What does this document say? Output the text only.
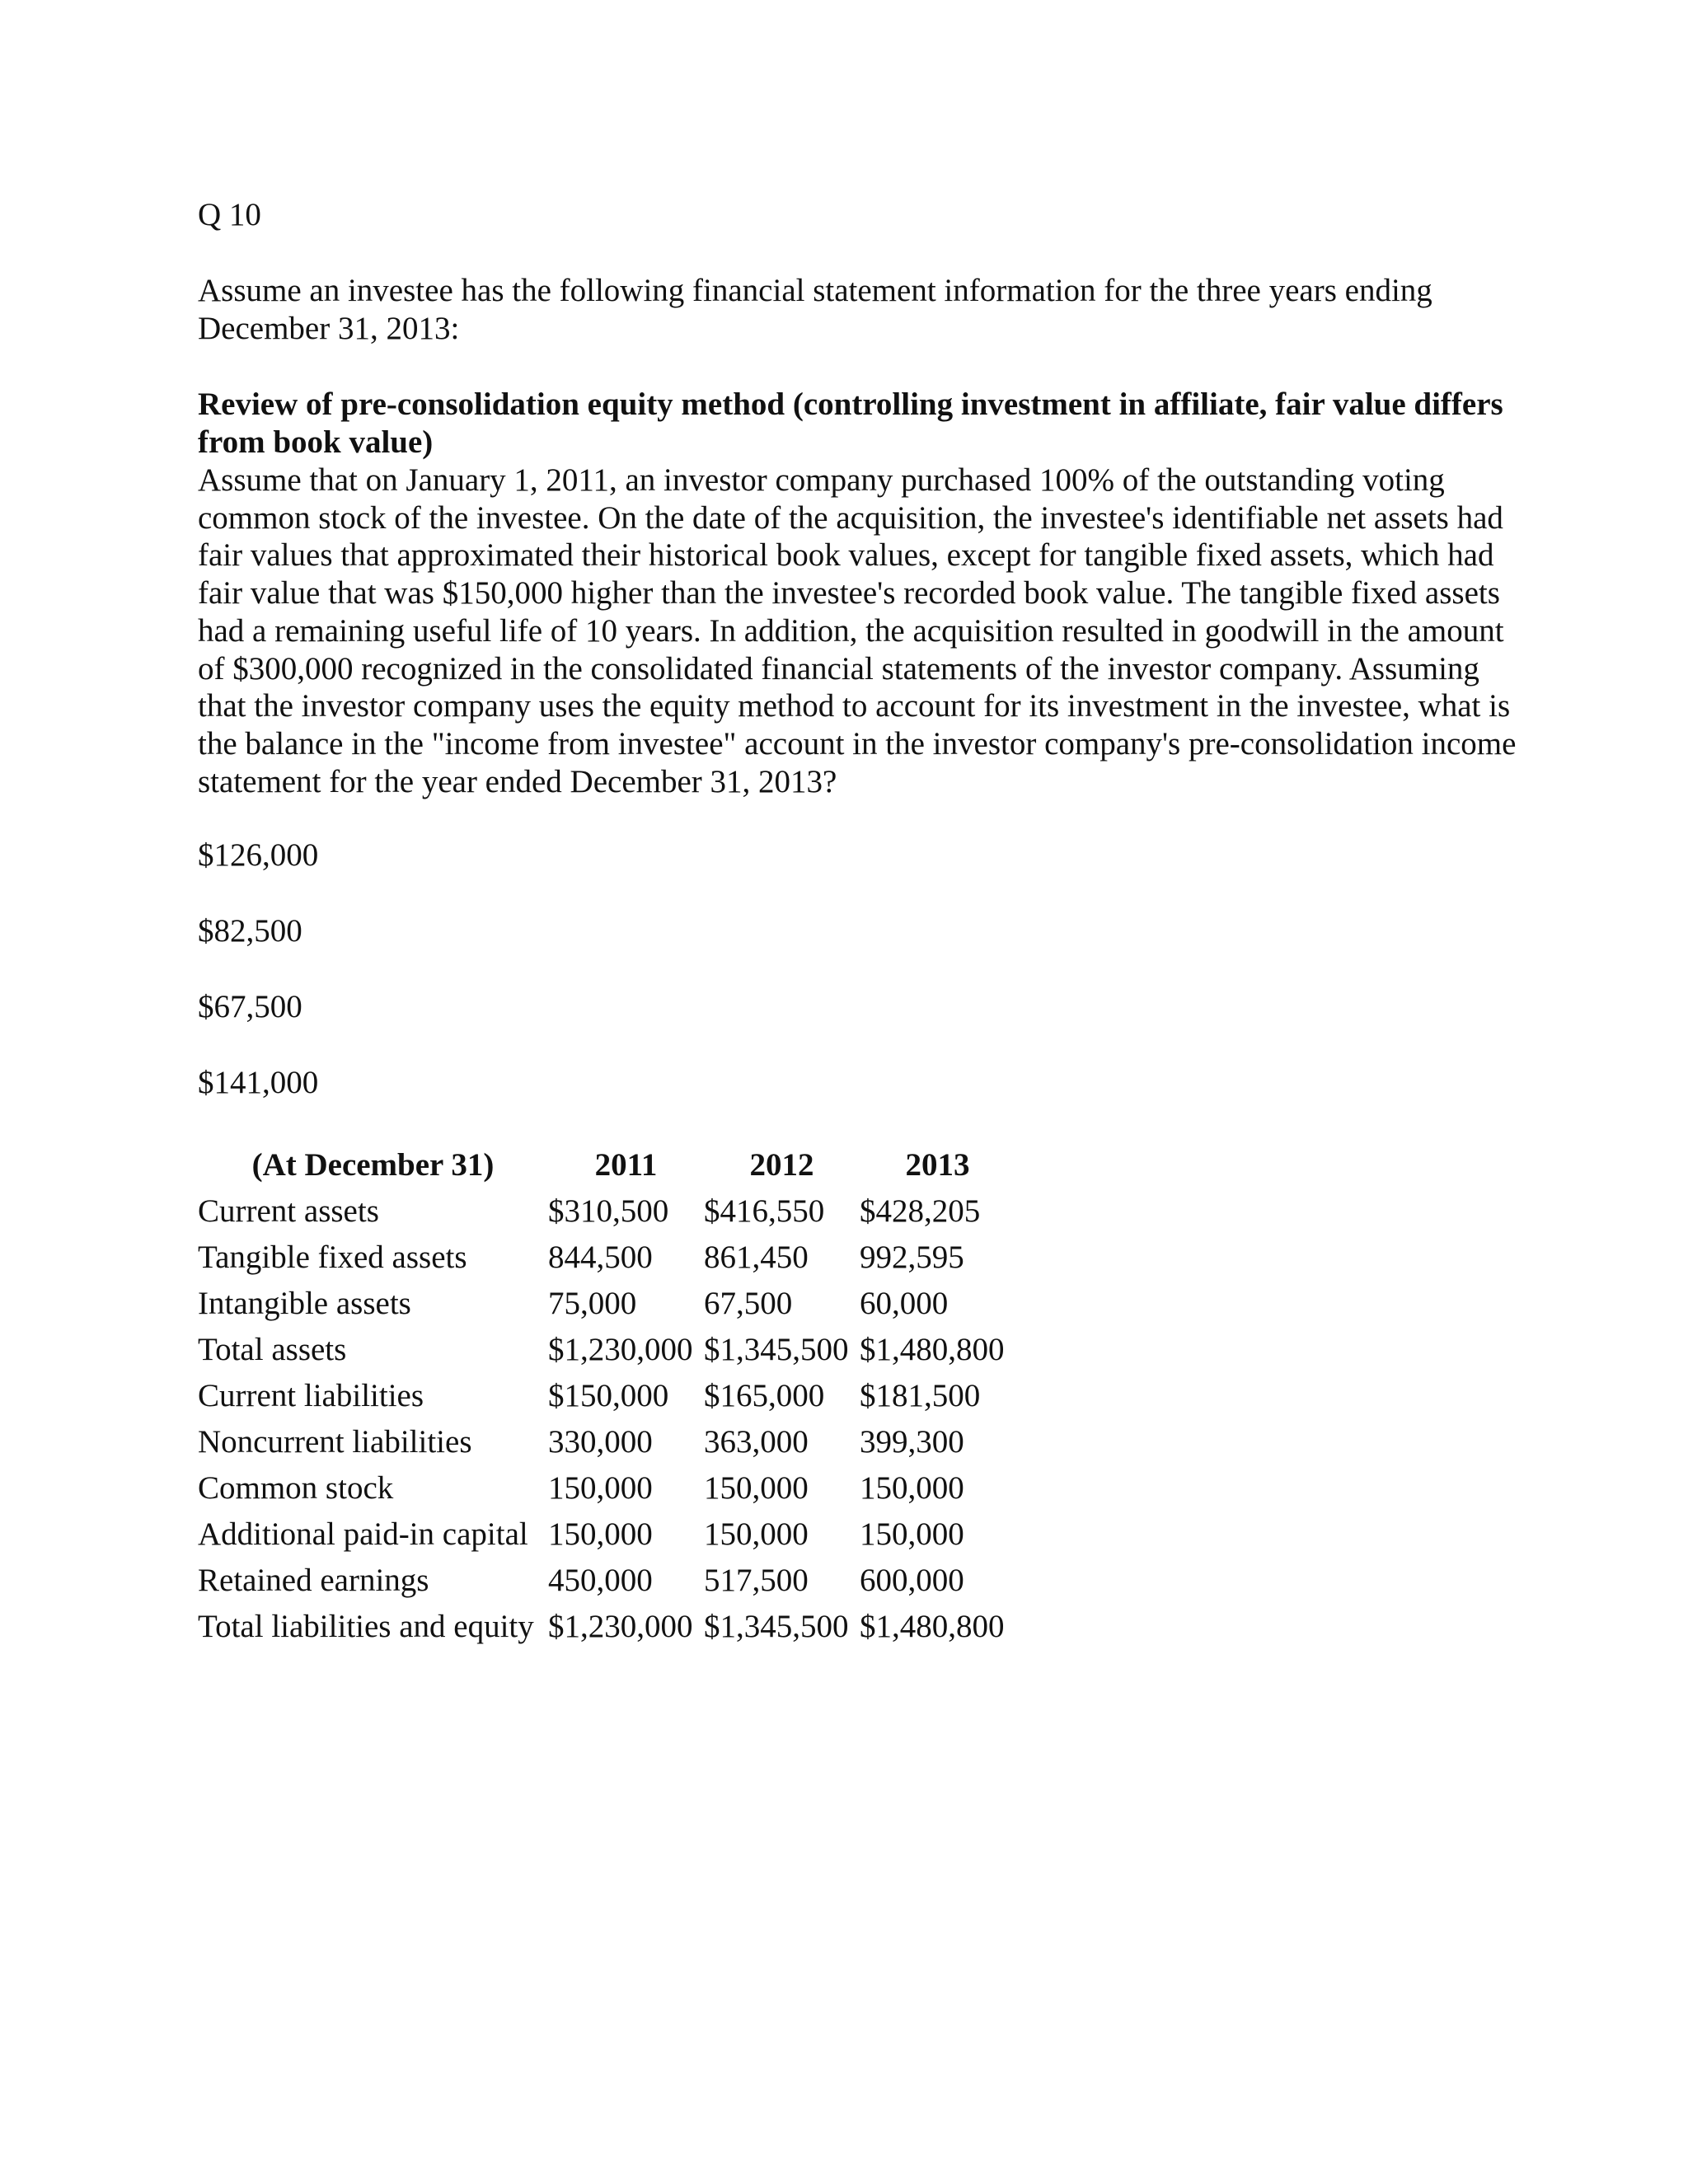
Q 10
Assume an investee has the following financial statement information for the three years ending December 31, 2013:
Review of pre-consolidation equity method (controlling investment in affiliate, fair value differs from book value)
Assume that on January 1, 2011, an investor company purchased 100% of the outstanding voting common stock of the investee. On the date of the acquisition, the investee's identifiable net assets had fair values that approximated their historical book values, except for tangible fixed assets, which had fair value that was $150,000 higher than the investee's recorded book value. The tangible fixed assets had a remaining useful life of 10 years. In addition, the acquisition resulted in goodwill in the amount of $300,000 recognized in the consolidated financial statements of the investor company. Assuming that the investor company uses the equity method to account for its investment in the investee, what is the balance in the "income from investee" account in the investor company's pre-consolidation income statement for the year ended December 31, 2013?
$126,000
$82,500
$67,500
$141,000
(At December 31)	2011	2012	2013
Current assets	$310,500	$416,550	$428,205
Tangible fixed assets	844,500	861,450	992,595
Intangible assets	75,000	67,500	60,000
Total assets	$1,230,000	$1,345,500	$1,480,800
Current liabilities	$150,000	$165,000	$181,500
Noncurrent liabilities	330,000	363,000	399,300
Common stock	150,000	150,000	150,000
Additional paid-in capital	150,000	150,000	150,000
Retained earnings	450,000	517,500	600,000
Total liabilities and equity	$1,230,000	$1,345,500	$1,480,800
